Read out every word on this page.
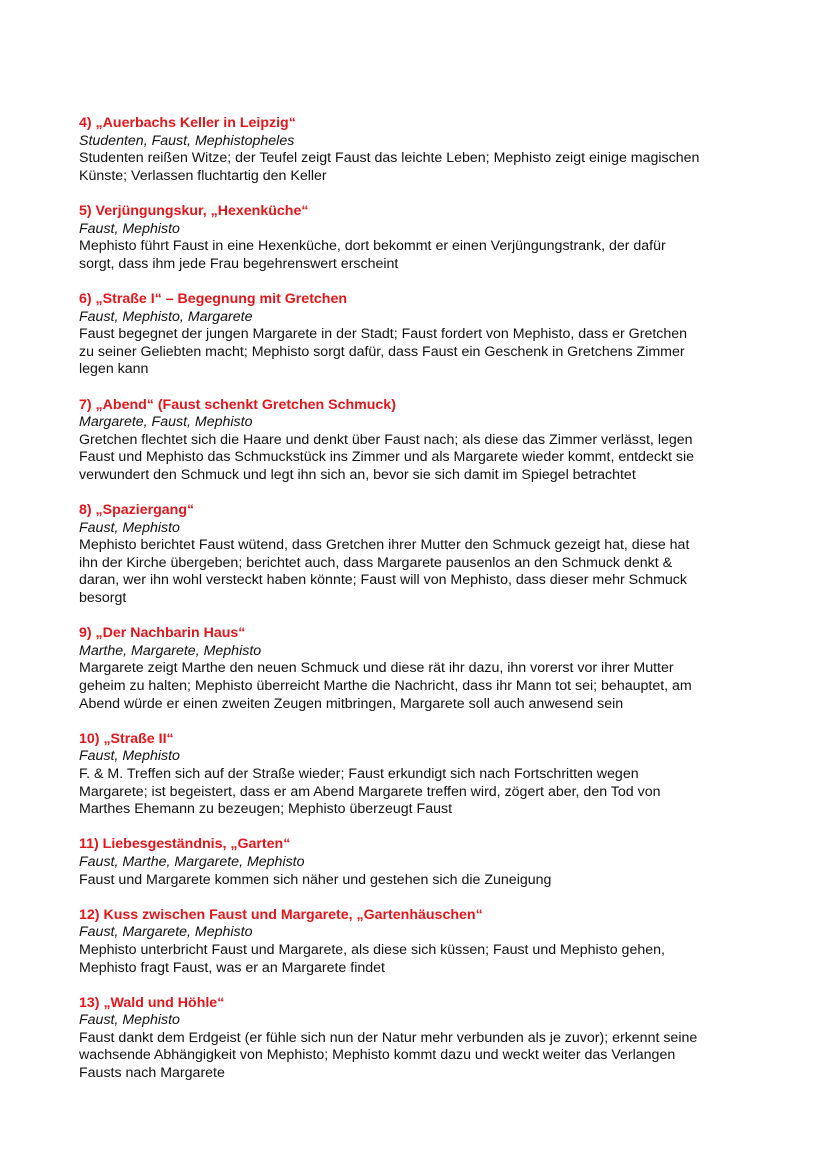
4) „Auerbachs Keller in Leipzig“
Studenten, Faust, Mephistopheles
Studenten reißen Witze; der Teufel zeigt Faust das leichte Leben; Mephisto zeigt einige magischen
Künste; Verlassen fluchtartig den Keller
5) Verjüngungskur, „Hexenküche“
Faust, Mephisto
Mephisto führt Faust in eine Hexenküche, dort bekommt er einen Verjüngungstrank, der dafür
sorgt, dass ihm jede Frau begehrenswert erscheint
6) „Straße I“ – Begegnung mit Gretchen
Faust, Mephisto, Margarete
Faust begegnet der jungen Margarete in der Stadt; Faust fordert von Mephisto, dass er Gretchen
zu seiner Geliebten macht; Mephisto sorgt dafür, dass Faust ein Geschenk in Gretchens Zimmer
legen kann
7) „Abend“ (Faust schenkt Gretchen Schmuck)
Margarete, Faust, Mephisto
Gretchen flechtet sich die Haare und denkt über Faust nach; als diese das Zimmer verlässt, legen
Faust und Mephisto das Schmuckstück ins Zimmer und als Margarete wieder kommt, entdeckt sie
verwundert den Schmuck und legt ihn sich an, bevor sie sich damit im Spiegel betrachtet
8) „Spaziergang“
Faust, Mephisto
Mephisto berichtet Faust wütend, dass Gretchen ihrer Mutter den Schmuck gezeigt hat, diese hat
ihn der Kirche übergeben; berichtet auch, dass Margarete pausenlos an den Schmuck denkt &
daran, wer ihn wohl versteckt haben könnte; Faust will von Mephisto, dass dieser mehr Schmuck
besorgt
9) „Der Nachbarin Haus“
Marthe, Margarete, Mephisto
Margarete zeigt Marthe den neuen Schmuck und diese rät ihr dazu, ihn vorerst vor ihrer Mutter
geheim zu halten; Mephisto überreicht Marthe die Nachricht, dass ihr Mann tot sei; behauptet, am
Abend würde er einen zweiten Zeugen mitbringen, Margarete soll auch anwesend sein
10) „Straße II“
Faust, Mephisto
F. & M. Treffen sich auf der Straße wieder; Faust erkundigt sich nach Fortschritten wegen
Margarete; ist begeistert, dass er am Abend Margarete treffen wird, zögert aber, den Tod von
Marthes Ehemann zu bezeugen; Mephisto überzeugt Faust
11) Liebesgeständnis, „Garten“
Faust, Marthe, Margarete, Mephisto
Faust und Margarete kommen sich näher und gestehen sich die Zuneigung
12) Kuss zwischen Faust und Margarete, „Gartenhäuschen“
Faust, Margarete, Mephisto
Mephisto unterbricht Faust und Margarete, als diese sich küssen; Faust und Mephisto gehen,
Mephisto fragt Faust, was er an Margarete findet
13) „Wald und Höhle“
Faust, Mephisto
Faust dankt dem Erdgeist (er fühle sich nun der Natur mehr verbunden als je zuvor); erkennt seine
wachsende Abhängigkeit von Mephisto; Mephisto kommt dazu und weckt weiter das Verlangen
Fausts nach Margarete
